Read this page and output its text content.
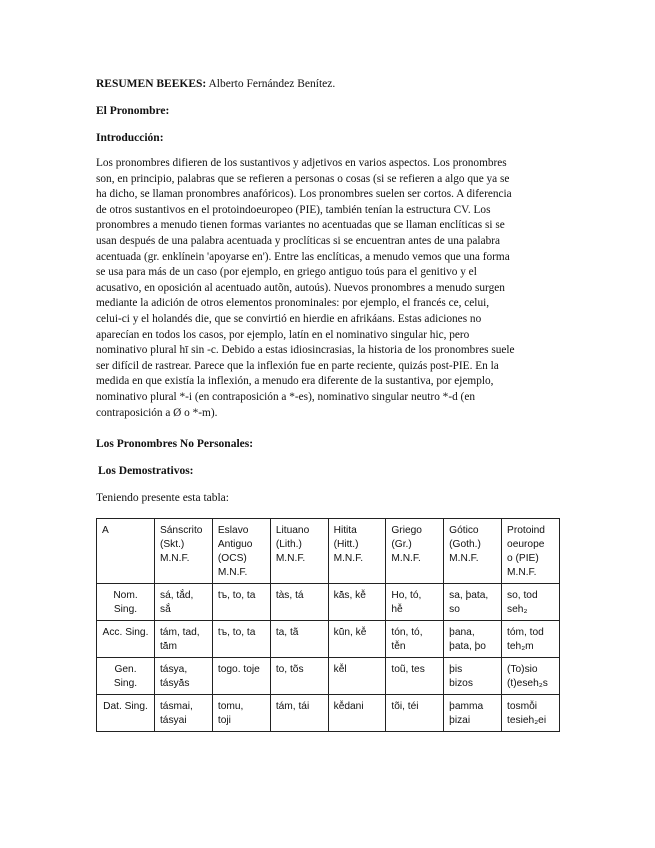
RESUMEN BEEKES: Alberto Fernández Benítez.
El Pronombre:
Introducción:
Los pronombres difieren de los sustantivos y adjetivos en varios aspectos. Los pronombres
son, en principio, palabras que se refieren a personas o cosas (si se refieren a algo que ya se
ha dicho, se llaman pronombres anafóricos). Los pronombres suelen ser cortos. A diferencia
de otros sustantivos en el protoindoeuropeo (PIE), también tenían la estructura CV. Los
pronombres a menudo tienen formas variantes no acentuadas que se llaman enclíticas si se
usan después de una palabra acentuada y proclíticas si se encuentran antes de una palabra
acentuada (gr. enklínein 'apoyarse en'). Entre las enclíticas, a menudo vemos que una forma
se usa para más de un caso (por ejemplo, en griego antiguo toús para el genitivo y el
acusativo, en oposición al acentuado autõn, autoús). Nuevos pronombres a menudo surgen
mediante la adición de otros elementos pronominales: por ejemplo, el francés ce, celui,
celui-ci y el holandés die, que se convirtió en hierdie en afrikáans. Estas adiciones no
aparecían en todos los casos, por ejemplo, latín en el nominativo singular hic, pero
nominativo plural hī sin -c. Debido a estas idiosincrasias, la historia de los pronombres suele
ser difícil de rastrear. Parece que la inflexión fue en parte reciente, quizás post-PIE. En la
medida en que existía la inflexión, a menudo era diferente de la sustantiva, por ejemplo,
nominativo plural *-i (en contraposición a *-es), nominativo singular neutro *-d (en
contraposición a Ø o *-m).
Los Pronombres No Personales:
Los Demostrativos:
Teniendo presente esta tabla:
A	Sánscrito
(Skt.)
M.N.F.	Eslavo
Antiguo
(OCS)
M.N.F.	Lituano
(Lith.)
M.N.F.	Hitita
(Hitt.)
M.N.F.	Griego
(Gr.)
M.N.F.	Gótico
(Goth.)
M.N.F.	Protoind
oeurope
o (PIE)
M.N.F.

Nom.
Sing.	sá, tắd,
sắ	tъ, to, ta	tàs, tá	kā̆s, kē̆	Ho, tó,
hē̆	sa, þata,
so	so, tod
seh₂

Acc. Sing.	tám, tad,
tā̆m	tъ, to, ta	ta, tã	kū̆n, kē̆	tón, tó,
tē̆n	þana,
þata, þo	tóm, tod
teh₂m

Gen.
Sing.	tásya,
tásyā̆s	togo. toje	to, tõs	kē̆l	toũ, tes	þis
bizos	(To)sio
(t)eseh₂s

Dat. Sing.	tásmai,
tásyai	tomu,
toji	tám, tái	kē̆dani	tõi, téi	þamma
þizai	tosmō̆i
tesieh₂ei
